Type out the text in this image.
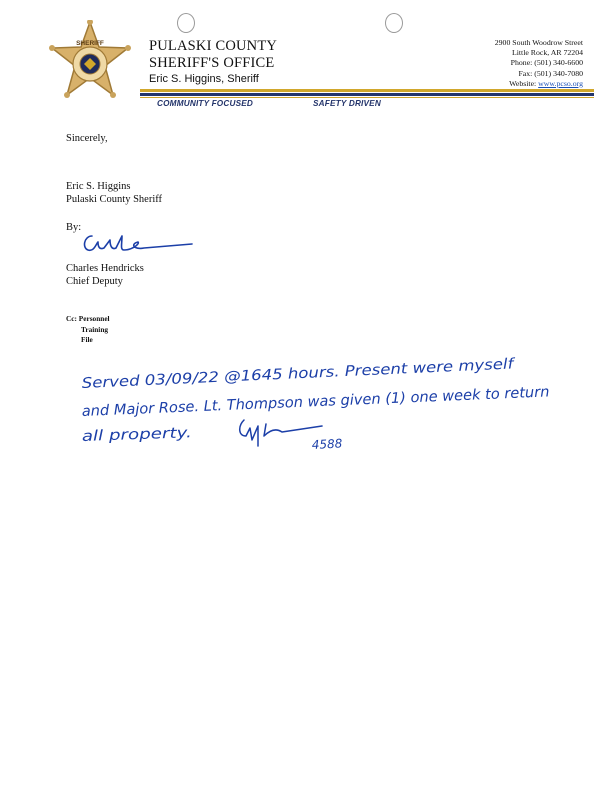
SHERIFF	PULASKI COUNTY
SHERIFF'S OFFICE
Eric S. Higgins, Sheriff
2900 South Woodrow Street
Little Rock, AR 72204
Phone: (501) 340-6600
Fax: (501) 340-7080
Website: www.pcso.org
COMMUNITY FOCUSED	SAFETY DRIVEN
Sincerely,
Eric S. Higgins
Pulaski County Sheriff
By:
Charles Hendricks
Chief Deputy
Cc: Personnel
Training
File
Served 03/09/22 @1645 hours. Present were myself
and Major Rose. Lt. Thompson was given (1) one week to return
all property.	4588
